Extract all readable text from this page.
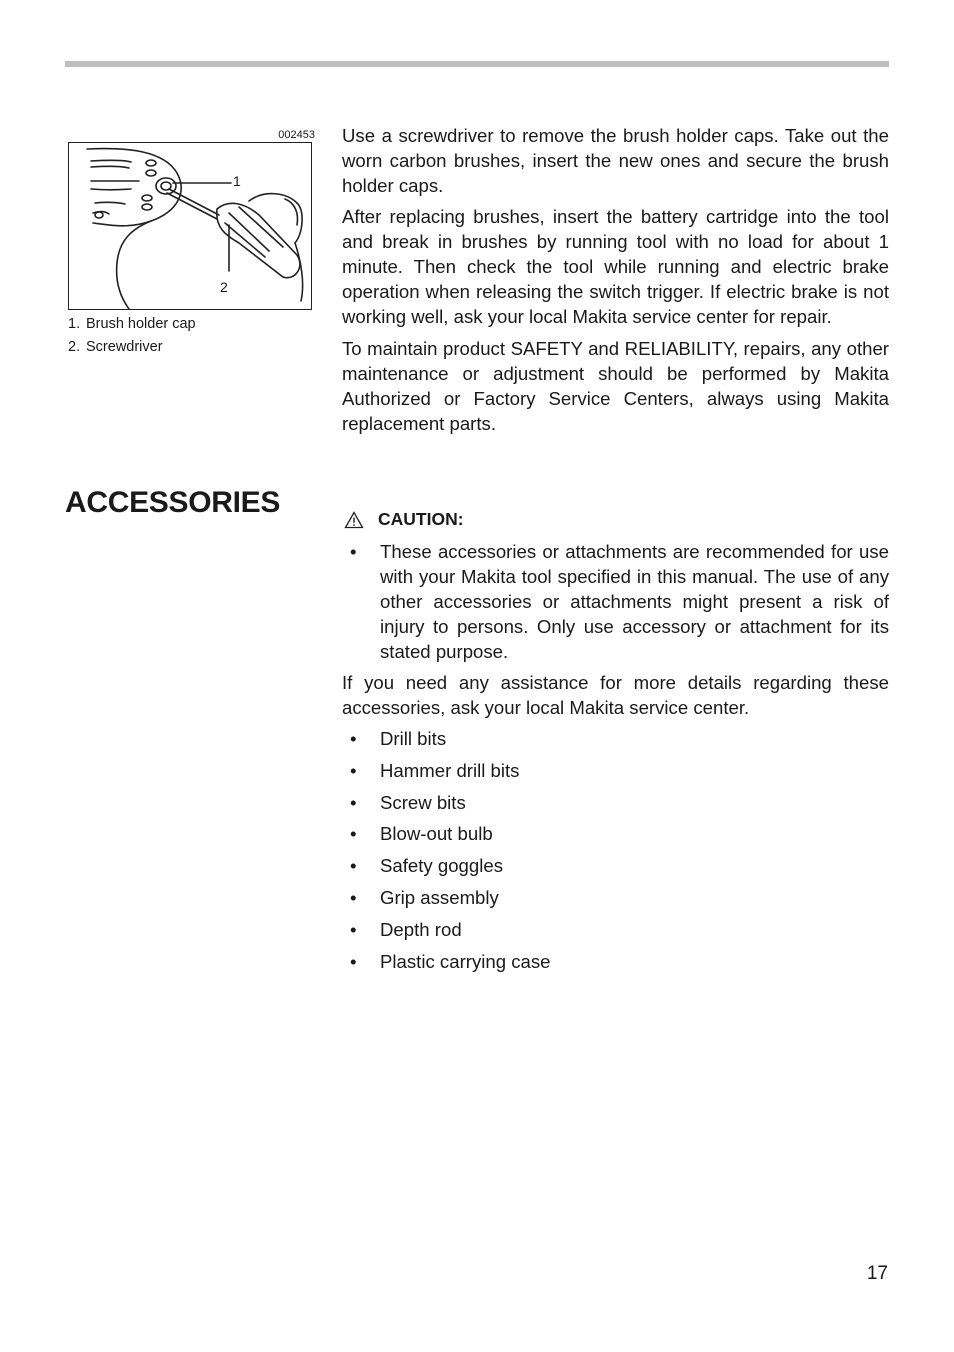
002453
1
2
1. Brush holder cap
2. Screwdriver

Use a screwdriver to remove the brush holder caps. Take out the worn carbon brushes, insert the new ones and secure the brush holder caps.

After replacing brushes, insert the battery cartridge into the tool and break in brushes by running tool with no load for about 1 minute. Then check the tool while running and electric brake operation when releasing the switch trigger. If electric brake is not working well, ask your local Makita service center for repair.

To maintain product SAFETY and RELIABILITY, repairs, any other maintenance or adjustment should be performed by Makita Authorized or Factory Service Centers, always using Makita replacement parts.

ACCESSORIES	CAUTION:
• These accessories or attachments are recommended for use with your Makita tool specified in this manual. The use of any other accessories or attachments might present a risk of injury to persons. Only use accessory or attachment for its stated purpose.

If you need any assistance for more details regarding these accessories, ask your local Makita service center.

• Drill bits
• Hammer drill bits
• Screw bits
• Blow-out bulb
• Safety goggles
• Grip assembly
• Depth rod
• Plastic carrying case
17
